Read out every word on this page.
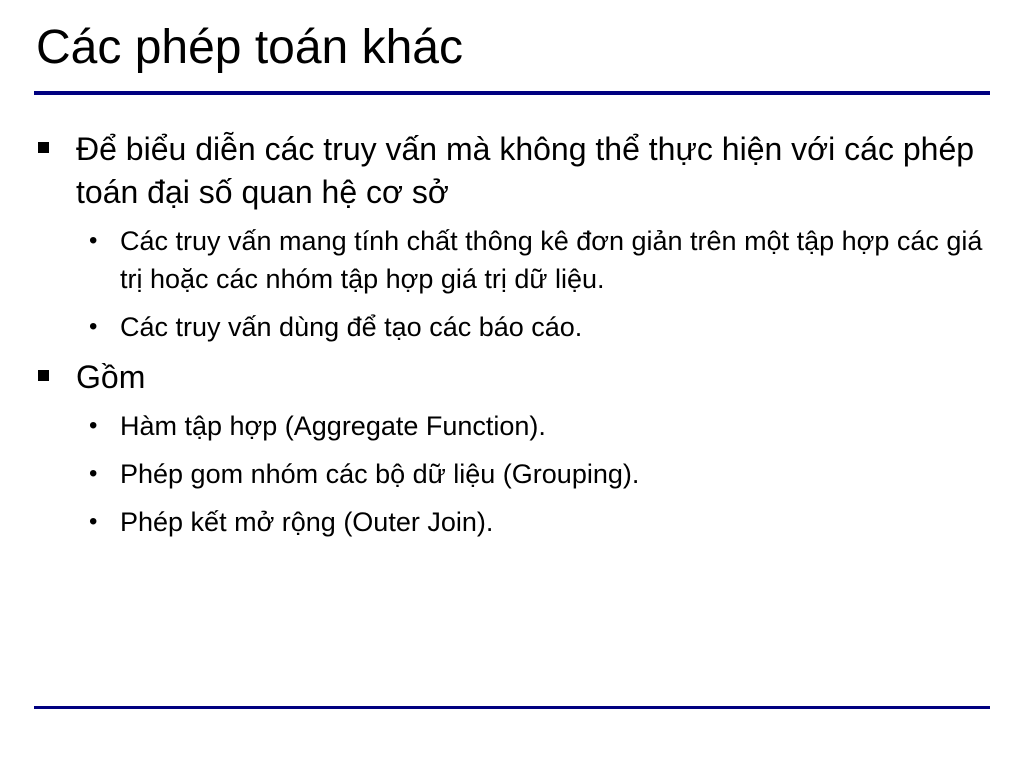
Các phép toán khác
Để biểu diễn các truy vấn mà không thể thực hiện với các phép toán đại số quan hệ cơ sở
• Các truy vấn mang tính chất thông kê đơn giản trên một tập hợp các giá trị hoặc các nhóm tập hợp giá trị dữ liệu.
• Các truy vấn dùng để tạo các báo cáo.
Gồm
• Hàm tập hợp (Aggregate Function).
• Phép gom nhóm các bộ dữ liệu (Grouping).
• Phép kết mở rộng (Outer Join).
